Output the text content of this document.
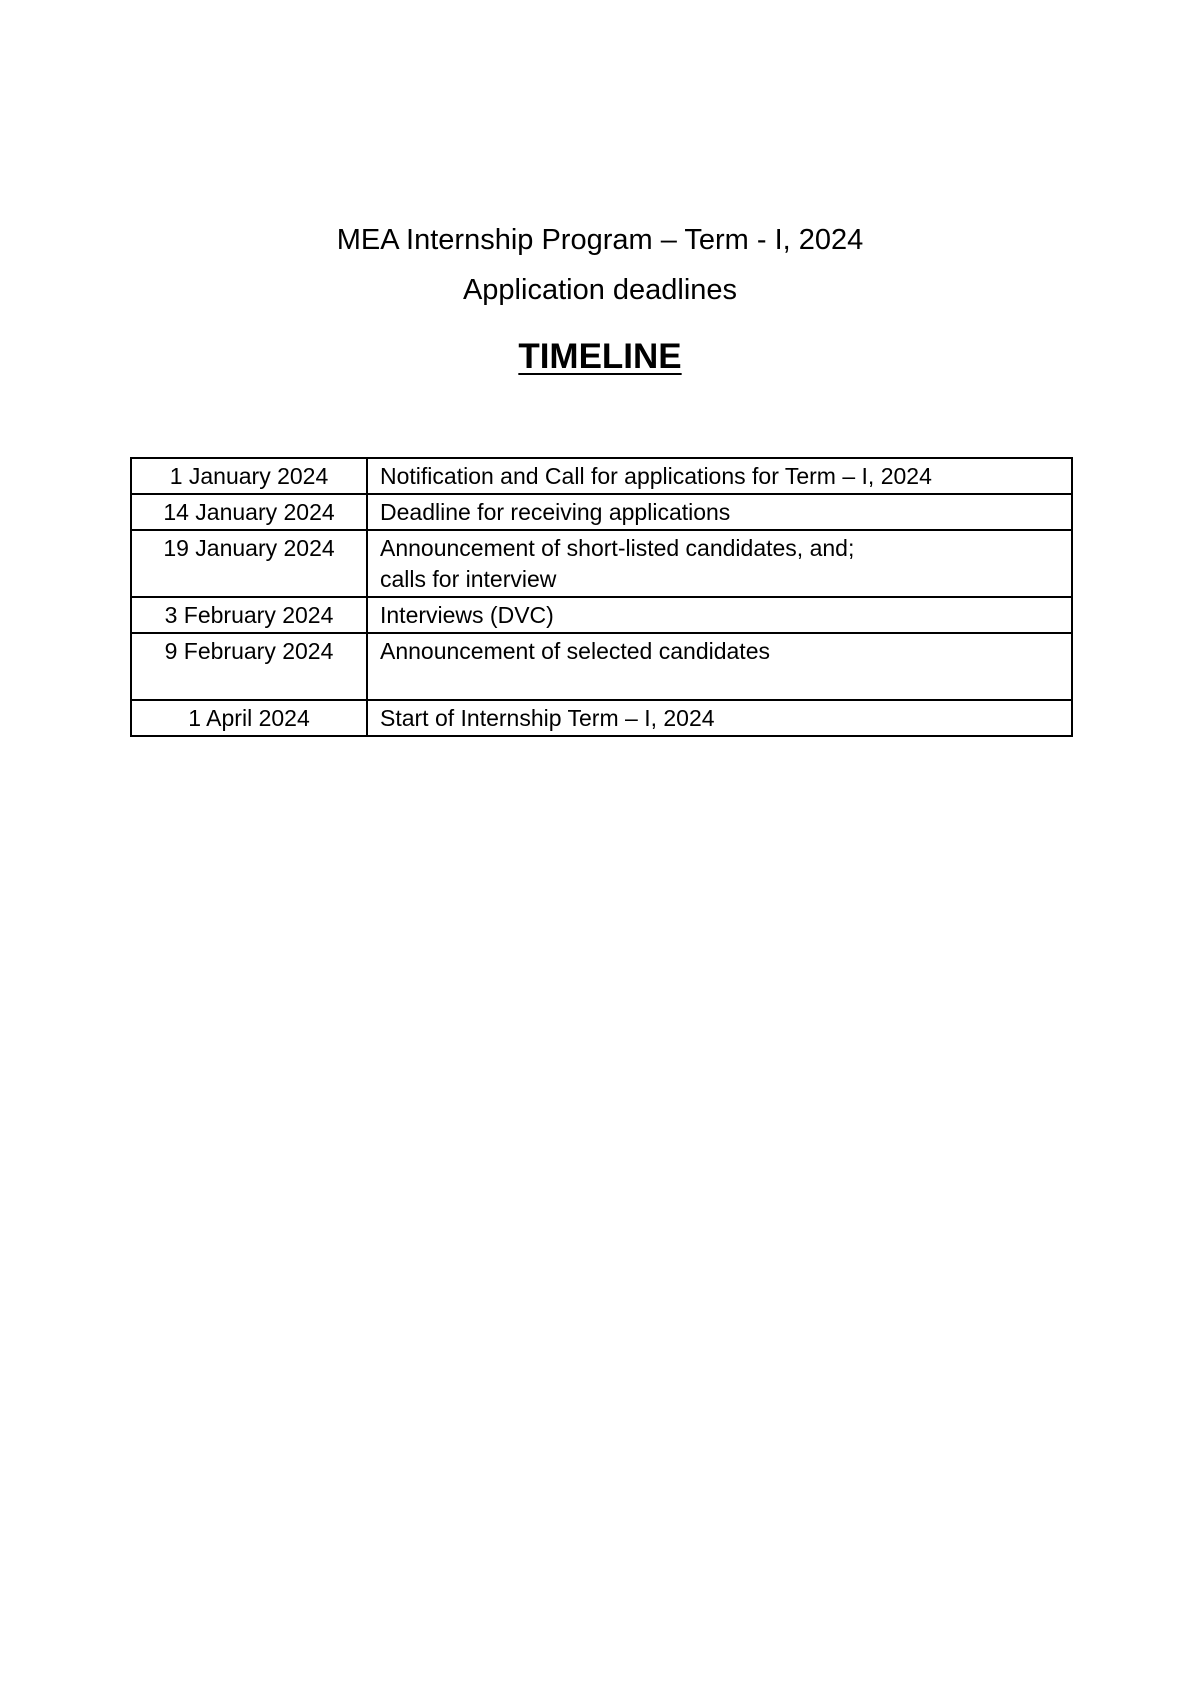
MEA Internship Program – Term - I, 2024

Application deadlines

TIMELINE
1 January 2024	Notification and Call for applications for Term – I, 2024

14 January 2024	Deadline for receiving applications

19 January 2024	Announcement of short-listed candidates, and;
calls for interview

3 February 2024	Interviews (DVC)

9 February 2024	Announcement of selected candidates

1 April 2024	Start of Internship Term – I, 2024
